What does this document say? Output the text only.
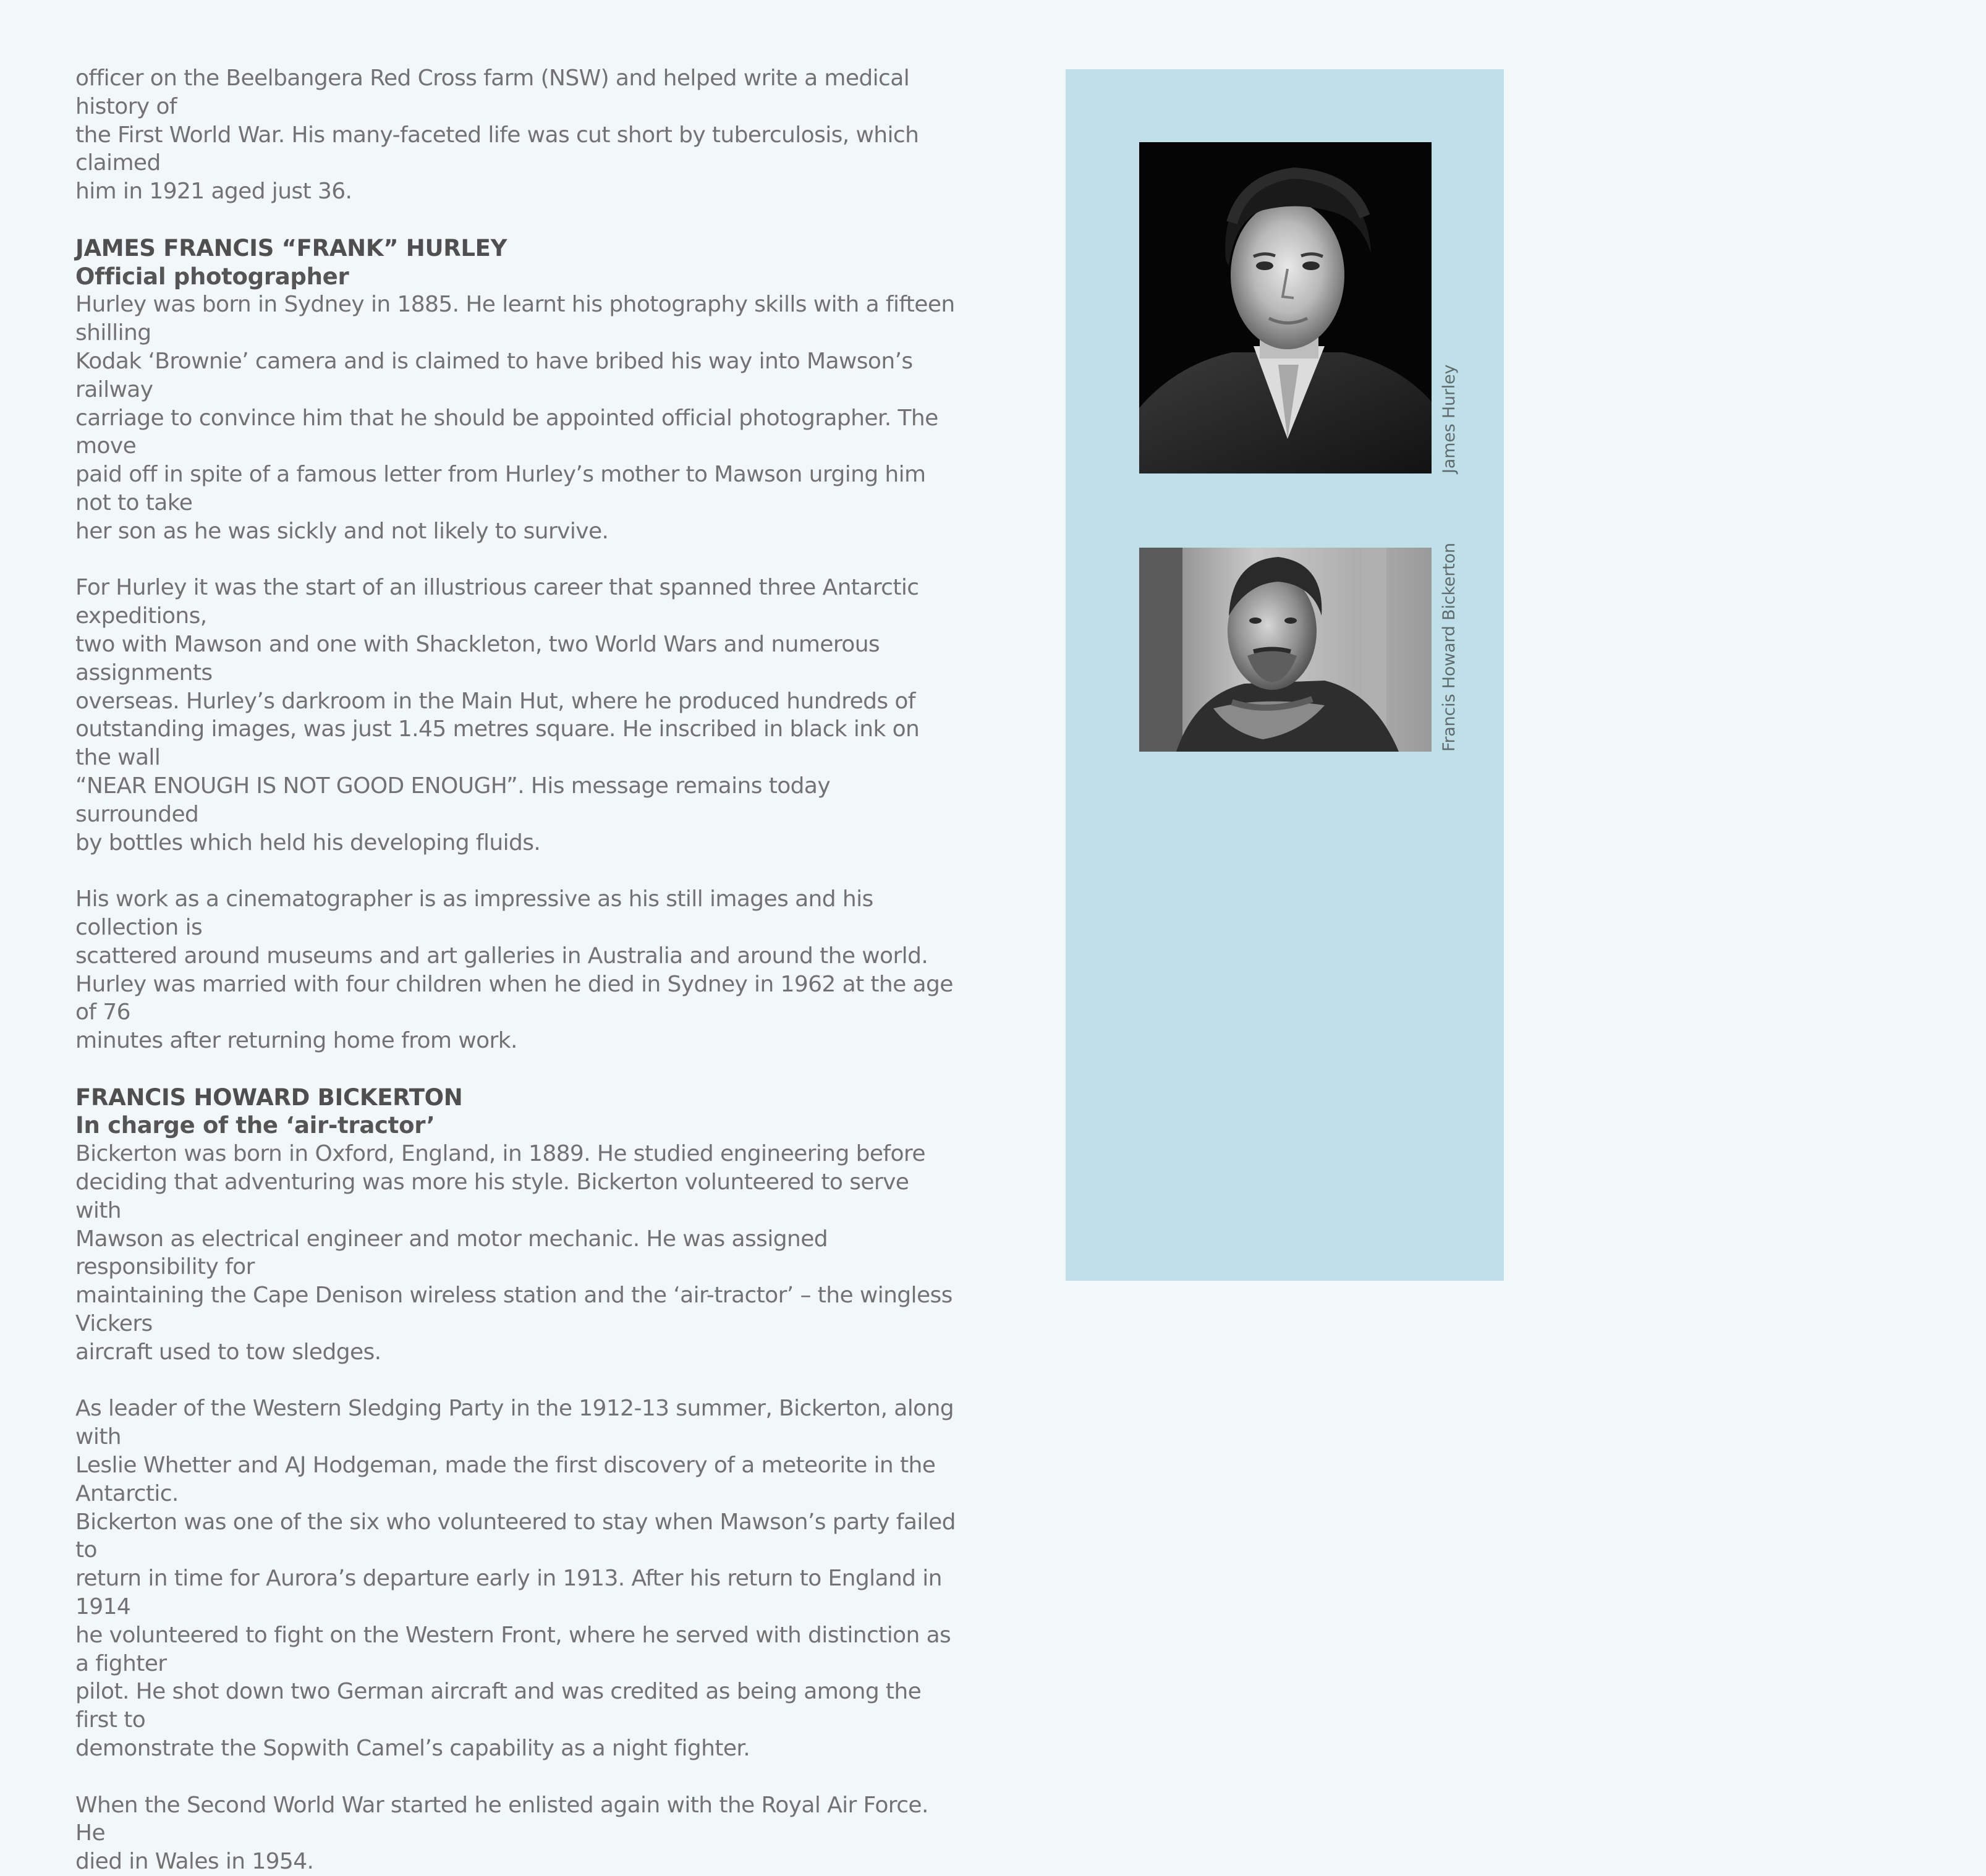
officer on the Beelbangera Red Cross farm (NSW) and helped write a medical history of
the First World War. His many-faceted life was cut short by tuberculosis, which claimed
him in 1921 aged just 36.

JAMES FRANCIS “FRANK” HURLEY
Official photographer

Hurley was born in Sydney in 1885. He learnt his photography skills with a fifteen shilling
Kodak ‘Brownie’ camera and is claimed to have bribed his way into Mawson’s railway
carriage to convince him that he should be appointed official photographer. The move
paid off in spite of a famous letter from Hurley’s mother to Mawson urging him not to take
her son as he was sickly and not likely to survive.

For Hurley it was the start of an illustrious career that spanned three Antarctic expeditions,
two with Mawson and one with Shackleton, two World Wars and numerous assignments
overseas. Hurley’s darkroom in the Main Hut, where he produced hundreds of
outstanding images, was just 1.45 metres square. He inscribed in black ink on the wall
“NEAR ENOUGH IS NOT GOOD ENOUGH”. His message remains today surrounded
by bottles which held his developing fluids.

His work as a cinematographer is as impressive as his still images and his collection is
scattered around museums and art galleries in Australia and around the world.
Hurley was married with four children when he died in Sydney in 1962 at the age of 76
minutes after returning home from work.

FRANCIS HOWARD BICKERTON
In charge of the ‘air-tractor’

Bickerton was born in Oxford, England, in 1889. He studied engineering before
deciding that adventuring was more his style. Bickerton volunteered to serve with
Mawson as electrical engineer and motor mechanic. He was assigned responsibility for
maintaining the Cape Denison wireless station and the ‘air-tractor’ – the wingless Vickers
aircraft used to tow sledges.

As leader of the Western Sledging Party in the 1912-13 summer, Bickerton, along with
Leslie Whetter and AJ Hodgeman, made the first discovery of a meteorite in the Antarctic.
Bickerton was one of the six who volunteered to stay when Mawson’s party failed to
return in time for Aurora’s departure early in 1913. After his return to England in 1914
he volunteered to fight on the Western Front, where he served with distinction as a fighter
pilot. He shot down two German aircraft and was credited as being among the first to
demonstrate the Sopwith Camel’s capability as a night fighter.

When the Second World War started he enlisted again with the Royal Air Force. He
died in Wales in 1954.

James Hurley
Francis Howard Bickerton
